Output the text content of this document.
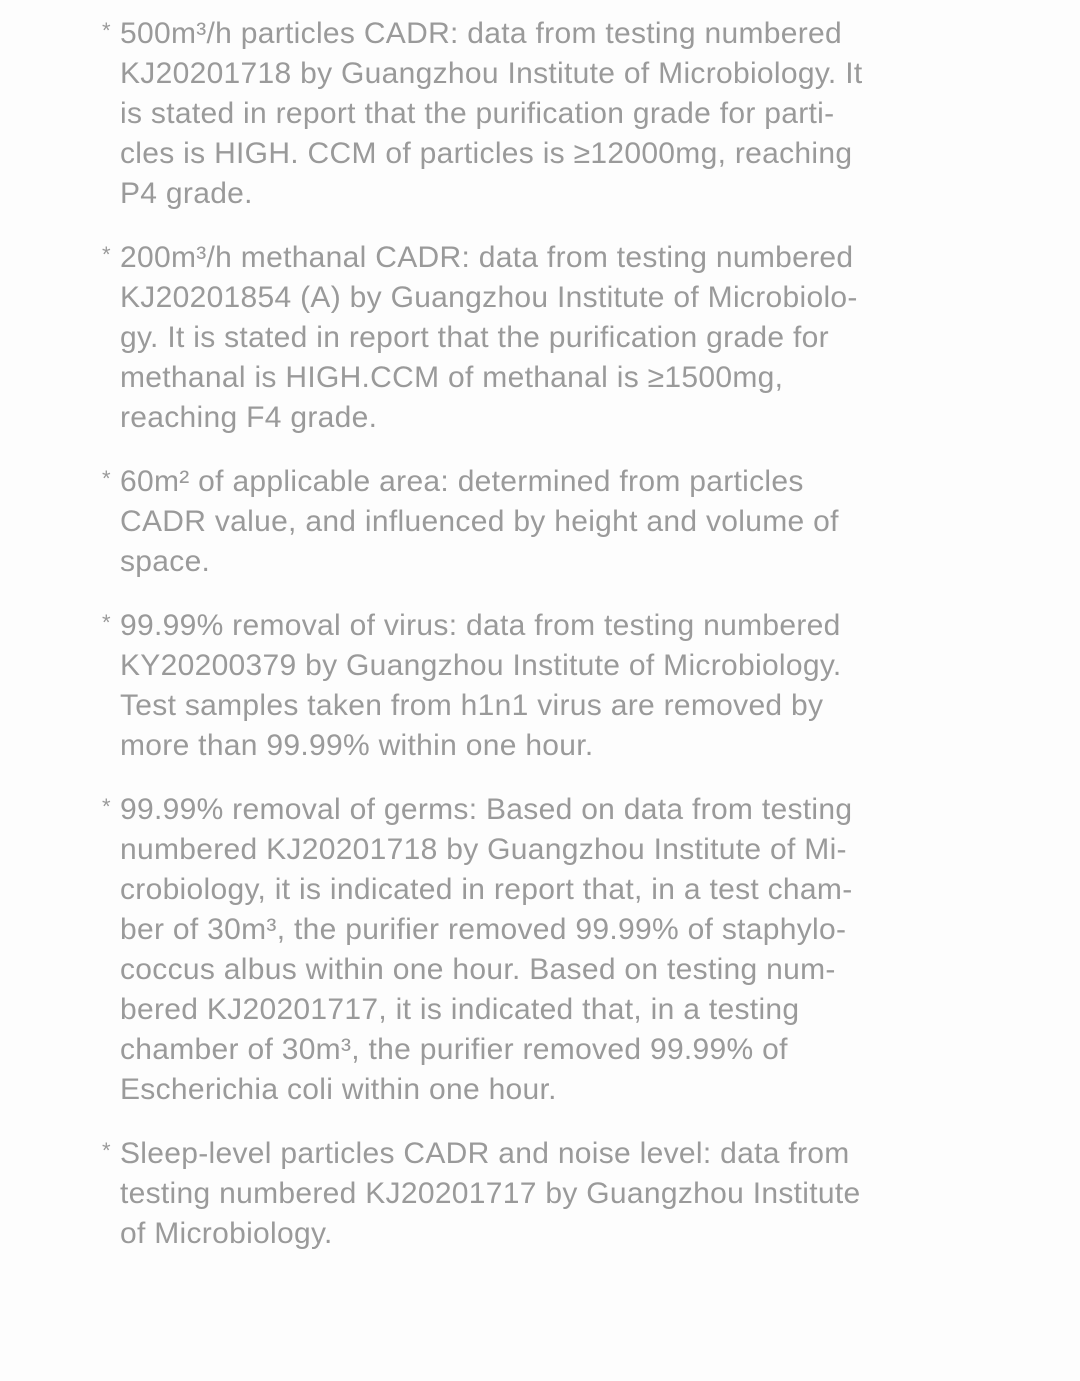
* 500m³/h particles CADR: data from testing numbered
KJ20201718 by Guangzhou Institute of Microbiology. It
is stated in report that the purification grade for parti-
cles is HIGH. CCM of particles is ≥12000mg, reaching
P4 grade.
* 200m³/h methanal CADR: data from testing numbered
KJ20201854 (A) by Guangzhou Institute of Microbiolo-
gy. It is stated in report that the purification grade for
methanal is HIGH.CCM of methanal is ≥1500mg,
reaching F4 grade.
* 60m² of applicable area: determined from particles
CADR value, and influenced by height and volume of
space.
* 99.99% removal of virus: data from testing numbered
KY20200379 by Guangzhou Institute of Microbiology.
Test samples taken from h1n1 virus are removed by
more than 99.99% within one hour.
* 99.99% removal of germs: Based on data from testing
numbered KJ20201718 by Guangzhou Institute of Mi-
crobiology, it is indicated in report that, in a test cham-
ber of 30m³, the purifier removed 99.99% of staphylo-
coccus albus within one hour. Based on testing num-
bered KJ20201717, it is indicated that, in a testing
chamber of 30m³, the purifier removed 99.99% of
Escherichia coli within one hour.
* Sleep-level particles CADR and noise level: data from
testing numbered KJ20201717 by Guangzhou Institute
of Microbiology.
